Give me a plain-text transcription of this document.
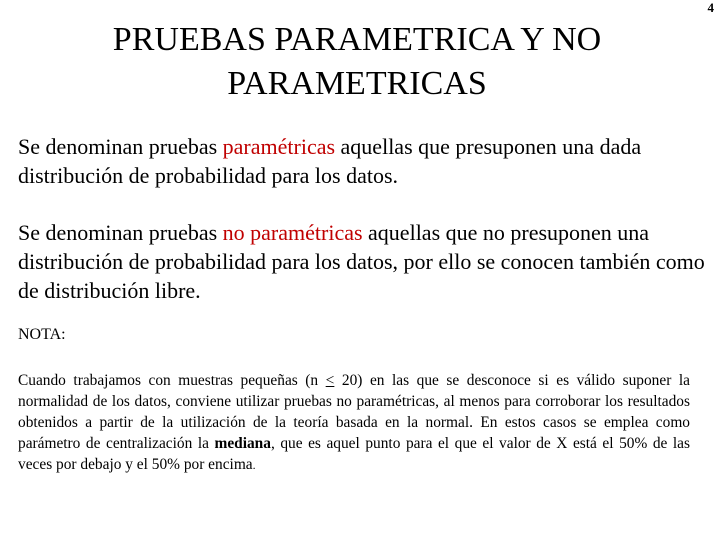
4
PRUEBAS PARAMETRICA Y NO
PARAMETRICAS

Se denominan pruebas paramétricas aquellas que presuponen una dada distribución de probabilidad para los datos.

Se denominan pruebas no paramétricas aquellas que no presuponen una distribución de probabilidad para los datos, por ello se conocen también como de distribución libre.

NOTA:

Cuando trabajamos con muestras pequeñas (n ≤ 20) en las que se desconoce si es válido suponer la normalidad de los datos, conviene utilizar pruebas no paramétricas, al menos para corroborar los resultados obtenidos a partir de la utilización de la teoría basada en la normal. En estos casos se emplea como parámetro de centralización la mediana, que es aquel punto para el que el valor de X está el 50% de las veces por debajo y el 50% por encima.
